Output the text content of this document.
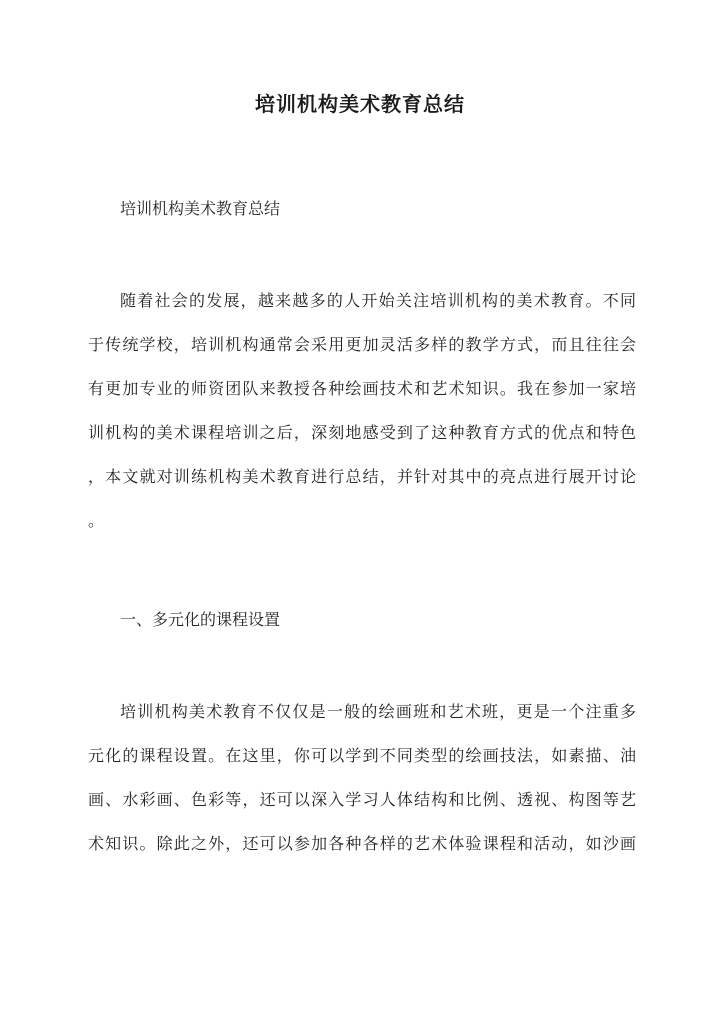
培训机构美术教育总结
培训机构美术教育总结
随着社会的发展，越来越多的人开始关注培训机构的美术教育。不同
于传统学校，培训机构通常会采用更加灵活多样的教学方式，而且往往会
有更加专业的师资团队来教授各种绘画技术和艺术知识。我在参加一家培
训机构的美术课程培训之后，深刻地感受到了这种教育方式的优点和特色
，本文就对训练机构美术教育进行总结，并针对其中的亮点进行展开讨论
。
一、多元化的课程设置
培训机构美术教育不仅仅是一般的绘画班和艺术班，更是一个注重多
元化的课程设置。在这里，你可以学到不同类型的绘画技法，如素描、油
画、水彩画、色彩等，还可以深入学习人体结构和比例、透视、构图等艺
术知识。除此之外，还可以参加各种各样的艺术体验课程和活动，如沙画
